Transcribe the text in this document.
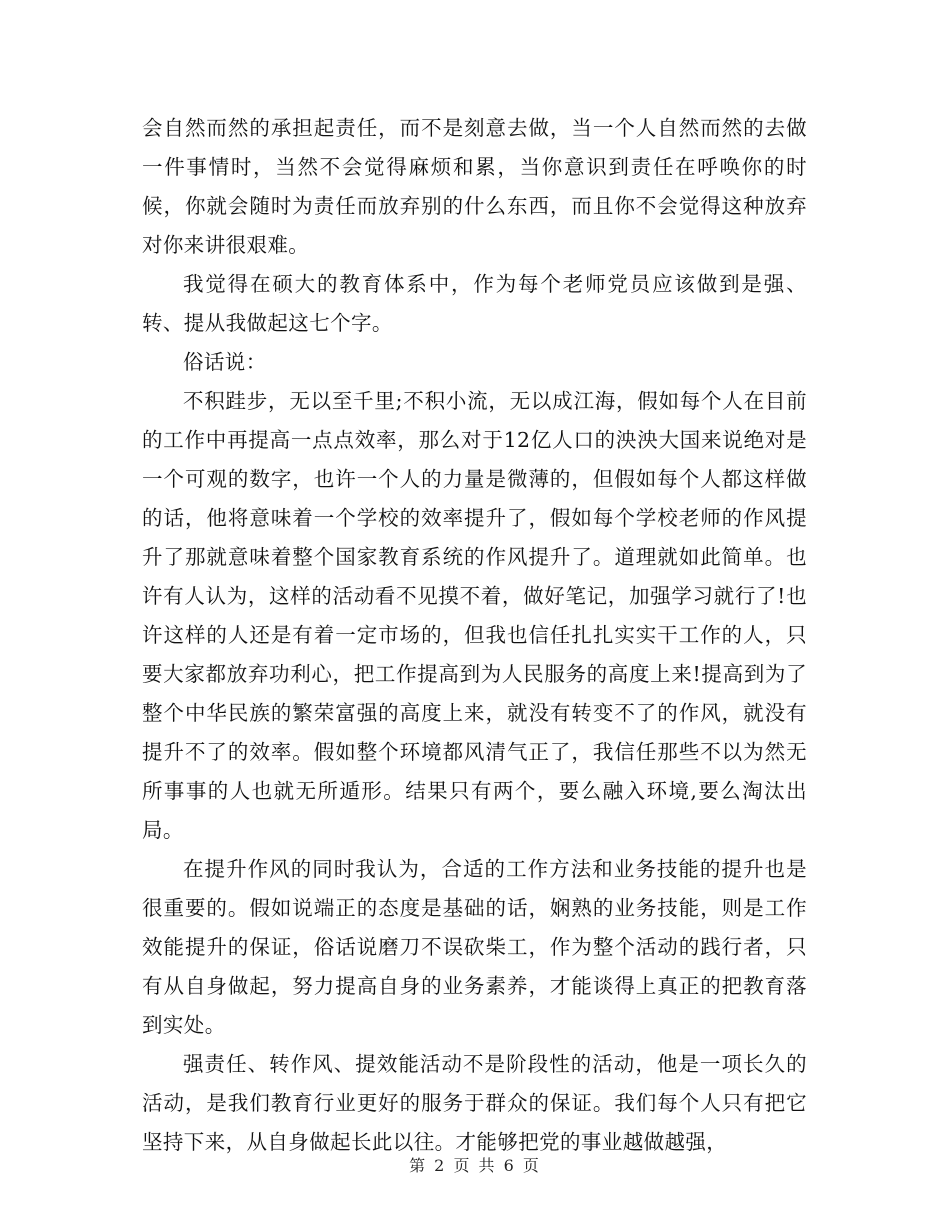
会自然而然的承担起责任，而不是刻意去做，当一个人自然而然的去做一件事情时，当然不会觉得麻烦和累，当你意识到责任在呼唤你的时候，你就会随时为责任而放弃别的什么东西，而且你不会觉得这种放弃对你来讲很艰难。

我觉得在硕大的教育体系中，作为每个老师党员应该做到是强、转、提从我做起这七个字。

俗话说：

不积跬步，无以至千里;不积小流，无以成江海，假如每个人在目前的工作中再提高一点点效率，那么对于12亿人口的泱泱大国来说绝对是一个可观的数字，也许一个人的力量是微薄的，但假如每个人都这样做的话，他将意味着一个学校的效率提升了，假如每个学校老师的作风提升了那就意味着整个国家教育系统的作风提升了。道理就如此简单。也许有人认为，这样的活动看不见摸不着，做好笔记，加强学习就行了!也许这样的人还是有着一定市场的，但我也信任扎扎实实干工作的人，只要大家都放弃功利心，把工作提高到为人民服务的高度上来!提高到为了整个中华民族的繁荣富强的高度上来，就没有转变不了的作风，就没有提升不了的效率。假如整个环境都风清气正了，我信任那些不以为然无所事事的人也就无所遁形。结果只有两个，要么融入环境,要么淘汰出局。

在提升作风的同时我认为，合适的工作方法和业务技能的提升也是很重要的。假如说端正的态度是基础的话，娴熟的业务技能，则是工作效能提升的保证，俗话说磨刀不误砍柴工，作为整个活动的践行者，只有从自身做起，努力提高自身的业务素养，才能谈得上真正的把教育落到实处。

强责任、转作风、提效能活动不是阶段性的活动，他是一项长久的活动，是我们教育行业更好的服务于群众的保证。我们每个人只有把它坚持下来，从自身做起长此以往。才能够把党的事业越做越强，

第 2 页 共 6 页
